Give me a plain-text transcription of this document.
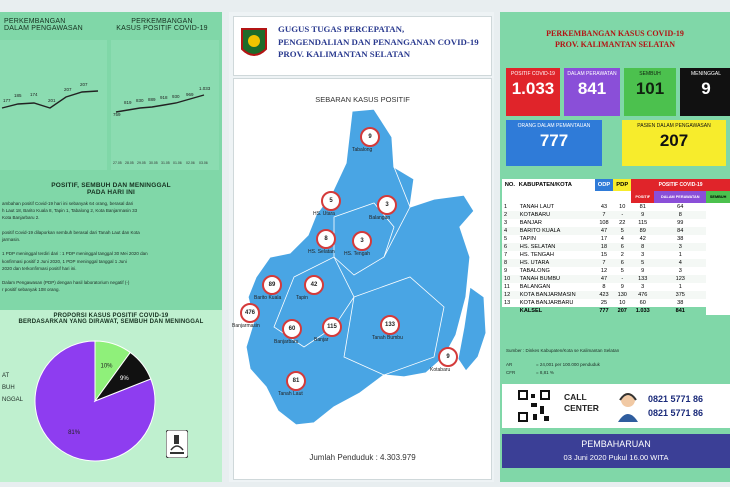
PERKEMBANGAN
DALAM PENGAWASAN
PERKEMBANGAN
KASUS POSITIF COVID-19
177
185 174
201
207
207
759
819 830 889 918 930 969
1.033
27.05 28.05 29.05 30.05 31.05 01.06 02.06 03.06
POSITIF, SEMBUH DAN MENINGGAL
PADA HARI INI
ambahan positif Covid-19 hari ini sebanyak 64 orang, berasal dari
h Laut 18, Barito Kuala 8, Tapin 1, Tabalong 2, Kota Banjarmasin 33
Kota Banjarbaru 2.
positif Covid-19 dilaporkan sembuh berasal dari Tanah Laut dan Kota
jarmasin.
1 PDP meninggal terdiri dari : 1 PDP meninggal tanggal 30 Mei 2020 dan
konfirmasi positif 2 Juni 2020, 1 PDP meninggal tanggal 1 Juni
2020 dan terkonfirmasi positif hari ini.
Dalam Pengawasan (PDP) dengan hasil laboratorium negatif (-)
r positif sebanyak 108 orang.
PROPORSI KASUS POSITIF COVID-19
BERDASARKAN YANG DIRAWAT, SEMBUH DAN MENINGGAL
AT
BUH
NGGAL
81%
10%
9%
GUGUS TUGAS PERCEPATAN,
PENGENDALIAN DAN PENANGANAN COVID-19
PROV. KALIMANTAN SELATAN
SEBARAN KASUS POSITIF
9
Tabalong
5
HS. Utara
3
Balangan
8
HS. Selatan
3
HS. Tengah
89
Barito Kuala
42
Tapin
476
Banjarmasin	60
Banjarbaru
115
Banjar
133
Tanah Bumbu
9
Kotabaru
81
Tanah Laut
Jumlah Penduduk : 4.303.979
PERKEMBANGAN KASUS COVID-19
PROV. KALIMANTAN SELATAN
POSITIF COVID-19
1.033
DALAM PERAWATAN
841
SEMBUH
101
MENINGGAL
9
ORANG DALAM PEMANTAUAN
777
PASIEN DALAM PENGAWASAN
207
NO.	KABUPATEN/KOTA	ODP	PDP	POSITIF COVID-19		
				POSITIF	DALAM PERAWATAN	SEMBUH
1	TANAH LAUT	43	10	81	64	
2	KOTABARU	7	-	9	8	
3	BANJAR	108	22	115	99	
4	BARITO KUALA	47	5	89	84	
5	TAPIN	17	4	42	38	
6	HS. SELATAN	18	6	8	3	
7	HS. TENGAH	15	2	3	1	
8	HS. UTARA	7	6	5	4	
9	TABALONG	12	5	9	3	
10	TANAH BUMBU	47	-	133	123	
11	BALANGAN	8	9	3	1	
12	KOTA BANJARMASIN	423	130	476	375	
13	KOTA BANJARBARU	25	10	60	38	
	KALSEL	777	207	1.033	841	
Sumber : Dinkes Kabupaten/Kota se Kalimantan Selatan
AR	= 24,001 per 100.000 penduduk
CFR	= 8,81 %
CALL
CENTER
0821 5771 86
0821 5771 86
PEMBAHARUAN
03 Juni 2020 Pukul 16.00 WITA
